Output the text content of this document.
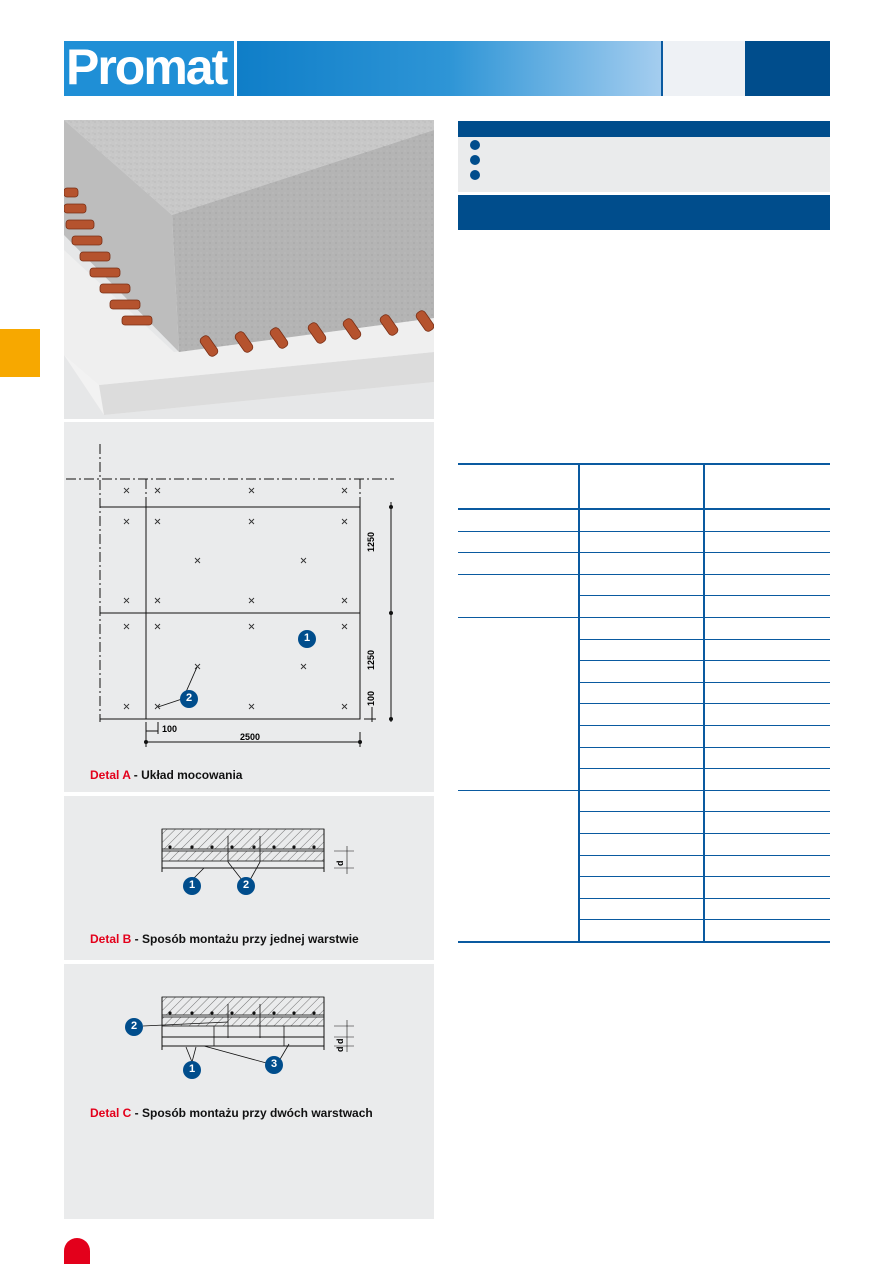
Promat
1
2
1250
1250
100
100
2500
Detal A - Układ mocowania
1	2
d
Detal B - Sposób montażu przy jednej warstwie
2
1	3
d d
Detal C - Sposób montażu przy dwóch warstwach
